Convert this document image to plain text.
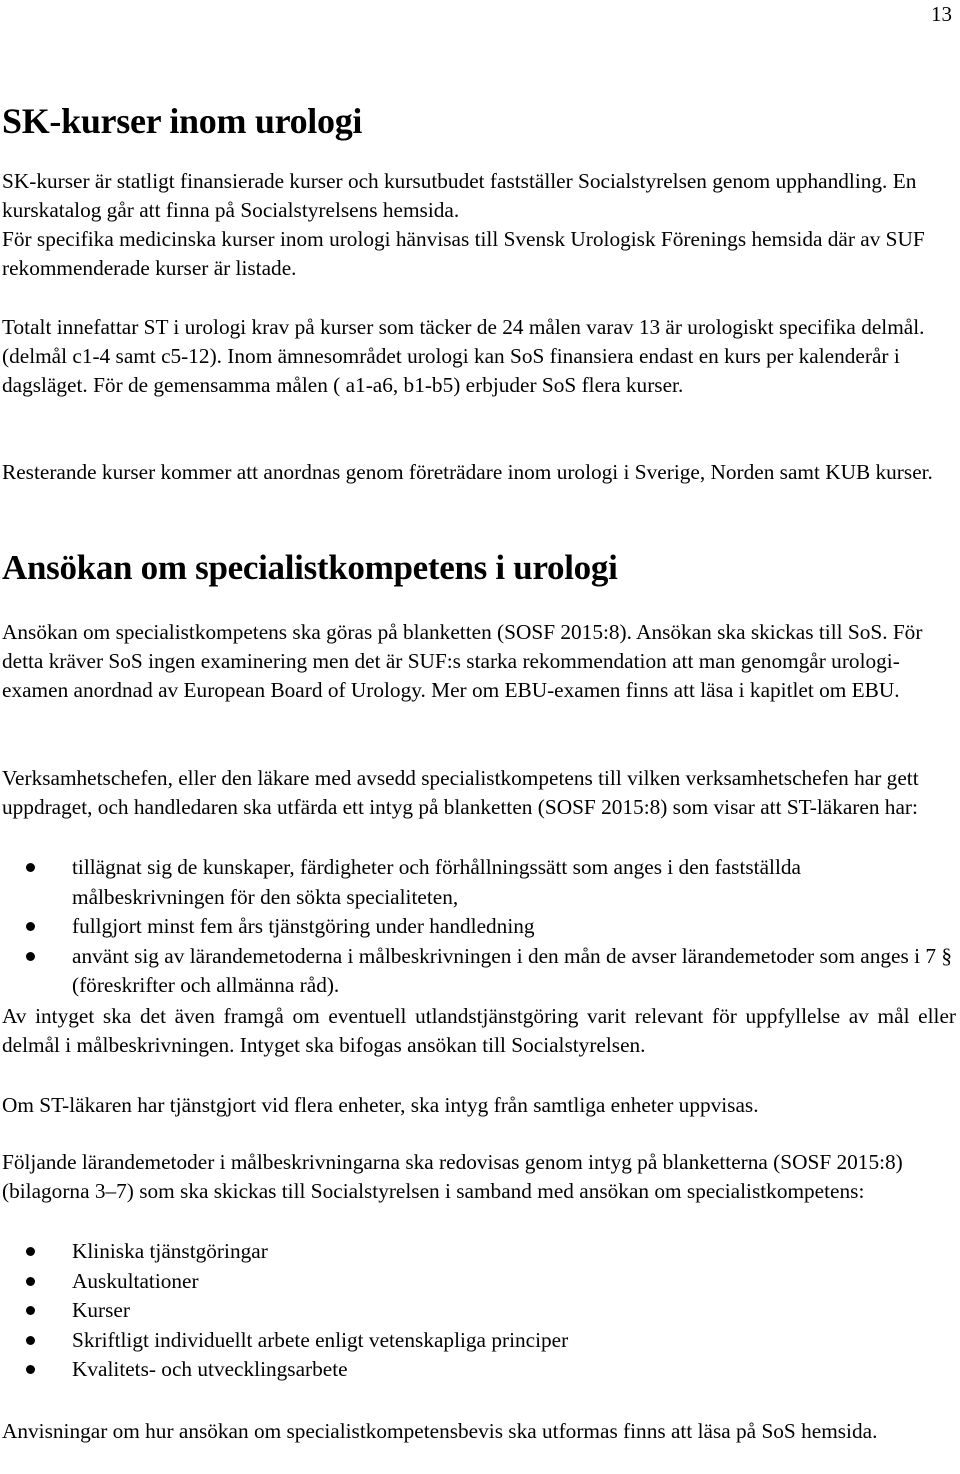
13
SK-kurser inom urologi

SK-kurser är statligt finansierade kurser och kursutbudet fastställer Socialstyrelsen genom upphandling. En kurskatalog går att finna på Socialstyrelsens hemsida.

För specifika medicinska kurser inom urologi hänvisas till Svensk Urologisk Förenings hemsida där av SUF rekommenderade kurser är listade.

Totalt innefattar ST i urologi krav på kurser som täcker de 24 målen varav 13 är urologiskt specifika delmål. (delmål c1-4 samt c5-12). Inom ämnesområdet urologi kan SoS finansiera endast en kurs per kalenderår i dagsläget. För de gemensamma målen ( a1-a6, b1-b5) erbjuder SoS flera kurser.

Resterande kurser kommer att anordnas genom företrädare inom urologi i Sverige, Norden samt KUB kurser.

Ansökan om specialistkompetens i urologi

Ansökan om specialistkompetens ska göras på blanketten (SOSF 2015:8). Ansökan ska skickas till SoS. För detta kräver SoS ingen examinering men det är SUF:s starka rekommendation att man genomgår urologi-examen anordnad av European Board of Urology. Mer om EBU-examen finns att läsa i kapitlet om EBU.

Verksamhetschefen, eller den läkare med avsedd specialistkompetens till vilken verksamhetschefen har gett uppdraget, och handledaren ska utfärda ett intyg på blanketten (SOSF 2015:8) som visar att ST-läkaren har:

tillägnat sig de kunskaper, färdigheter och förhållningssätt som anges i den fastställda målbeskrivningen för den sökta specialiteten,
fullgjort minst fem års tjänstgöring under handledning
använt sig av lärandemetoderna i målbeskrivningen i den mån de avser lärandemetoder som anges i 7 § (föreskrifter och allmänna råd).

Av intyget ska det även framgå om eventuell utlandstjänstgöring varit relevant för uppfyllelse av mål eller delmål i målbeskrivningen. Intyget ska bifogas ansökan till Socialstyrelsen.

Om ST-läkaren har tjänstgjort vid flera enheter, ska intyg från samtliga enheter uppvisas.

Följande lärandemetoder i målbeskrivningarna ska redovisas genom intyg på blanketterna (SOSF 2015:8) (bilagorna 3–7) som ska skickas till Socialstyrelsen i samband med ansökan om specialistkompetens:

Kliniska tjänstgöringar
Auskultationer
Kurser
Skriftligt individuellt arbete enligt vetenskapliga principer
Kvalitets- och utvecklingsarbete

Anvisningar om hur ansökan om specialistkompetensbevis ska utformas finns att läsa på SoS hemsida.
